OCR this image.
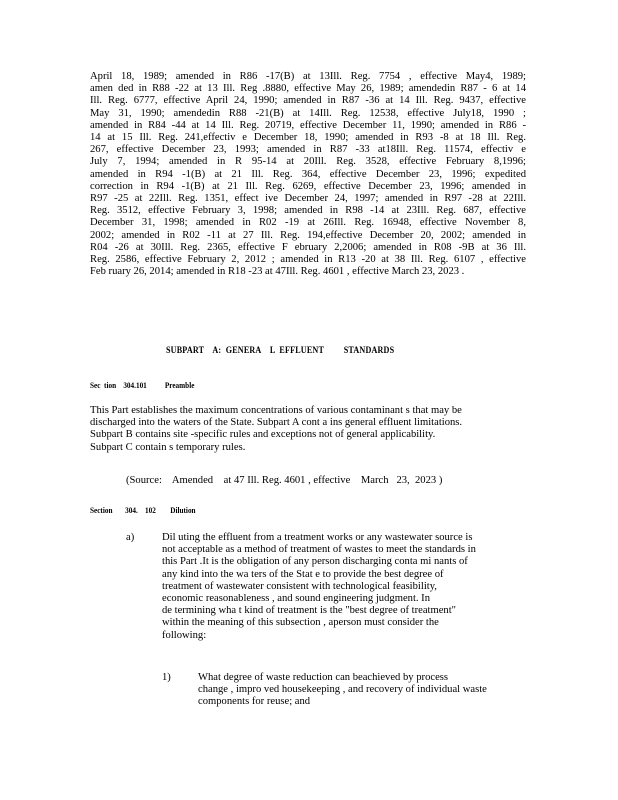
April 18, 1989; amended in R86 -17(B) at 13Ill. Reg. 7754 , effective May4, 1989;
amen ded in R88 -22 at 13 Ill. Reg .8880, effective May 26, 1989; amendedin R87 - 6 at 14
Ill. Reg. 6777, effective April 24, 1990; amended in R87 -36 at 14 Ill. Reg. 9437, effective
May 31, 1990; amendedin R88 -21(B) at 14Ill. Reg. 12538, effective July18, 1990 ;
amended in R84 -44 at 14 Ill. Reg. 20719, effective December 11, 1990; amended in R86 -
14 at 15 Ill. Reg. 241,effectiv e December 18, 1990; amended in R93 -8 at 18 Ill. Reg.
267, effective December 23, 1993; amended in R87 -33 at18Ill. Reg. 11574, effectiv e
July 7, 1994; amended in R 95-14 at 20Ill. Reg. 3528, effective February 8,1996;
amended in R94 -1(B) at 21 Ill. Reg. 364, effective December 23, 1996; expedited
correction in R94 -1(B) at 21 Ill. Reg. 6269, effective December 23, 1996; amended in
R97 -25 at 22Ill. Reg. 1351, effect ive December 24, 1997; amended in R97 -28 at 22Ill.
Reg. 3512, effective February 3, 1998; amended in R98 -14 at 23Ill. Reg. 687, effective
December 31, 1998; amended in R02 -19 at 26Ill. Reg. 16948, effective November 8,
2002; amended in R02 -11 at 27 Ill. Reg. 194,effective December 20, 2002; amended in
R04 -26 at 30Ill. Reg. 2365, effective F ebruary 2,2006; amended in R08 -9B at 36 Ill.
Reg. 2586, effective February 2, 2012 ; amended in R13 -20 at 38 Ill. Reg. 6107 , effective
Feb ruary 26, 2014; amended in R18 -23 at 47Ill. Reg. 4601 , effective March 23, 2023 .
SUBPART    A:  GENERA    L  EFFLUENT         STANDARDS
Sec  tion    304.101          Preamble
This Part establishes the maximum concentrations of various contaminant s that may be
discharged into the waters of the State. Subpart A cont a ins general effluent limitations.
Subpart B contains site -specific rules and exceptions not of general applicability.
Subpart C contain s temporary rules.
(Source:    Amended    at 47 Ill. Reg. 4601 , effective    March   23,  2023 )
Section       304.    102        Dilution
a)	Dil uting the effluent from a treatment works or any wastewater source is
not acceptable as a method of treatment of wastes to meet the standards in
this Part .It is the obligation of any person discharging conta mi nants of
any kind into the wa ters of the Stat e to provide the best degree of
treatment of wastewater consistent with technological feasibility,
economic reasonableness , and sound engineering judgment. In
de termining wha t kind of treatment is the "best degree of treatment"
within the meaning of this subsection , aperson must consider the
following:
1)	What degree of waste reduction can beachieved by process
change , impro ved housekeeping , and recovery of individual waste
components for reuse; and
